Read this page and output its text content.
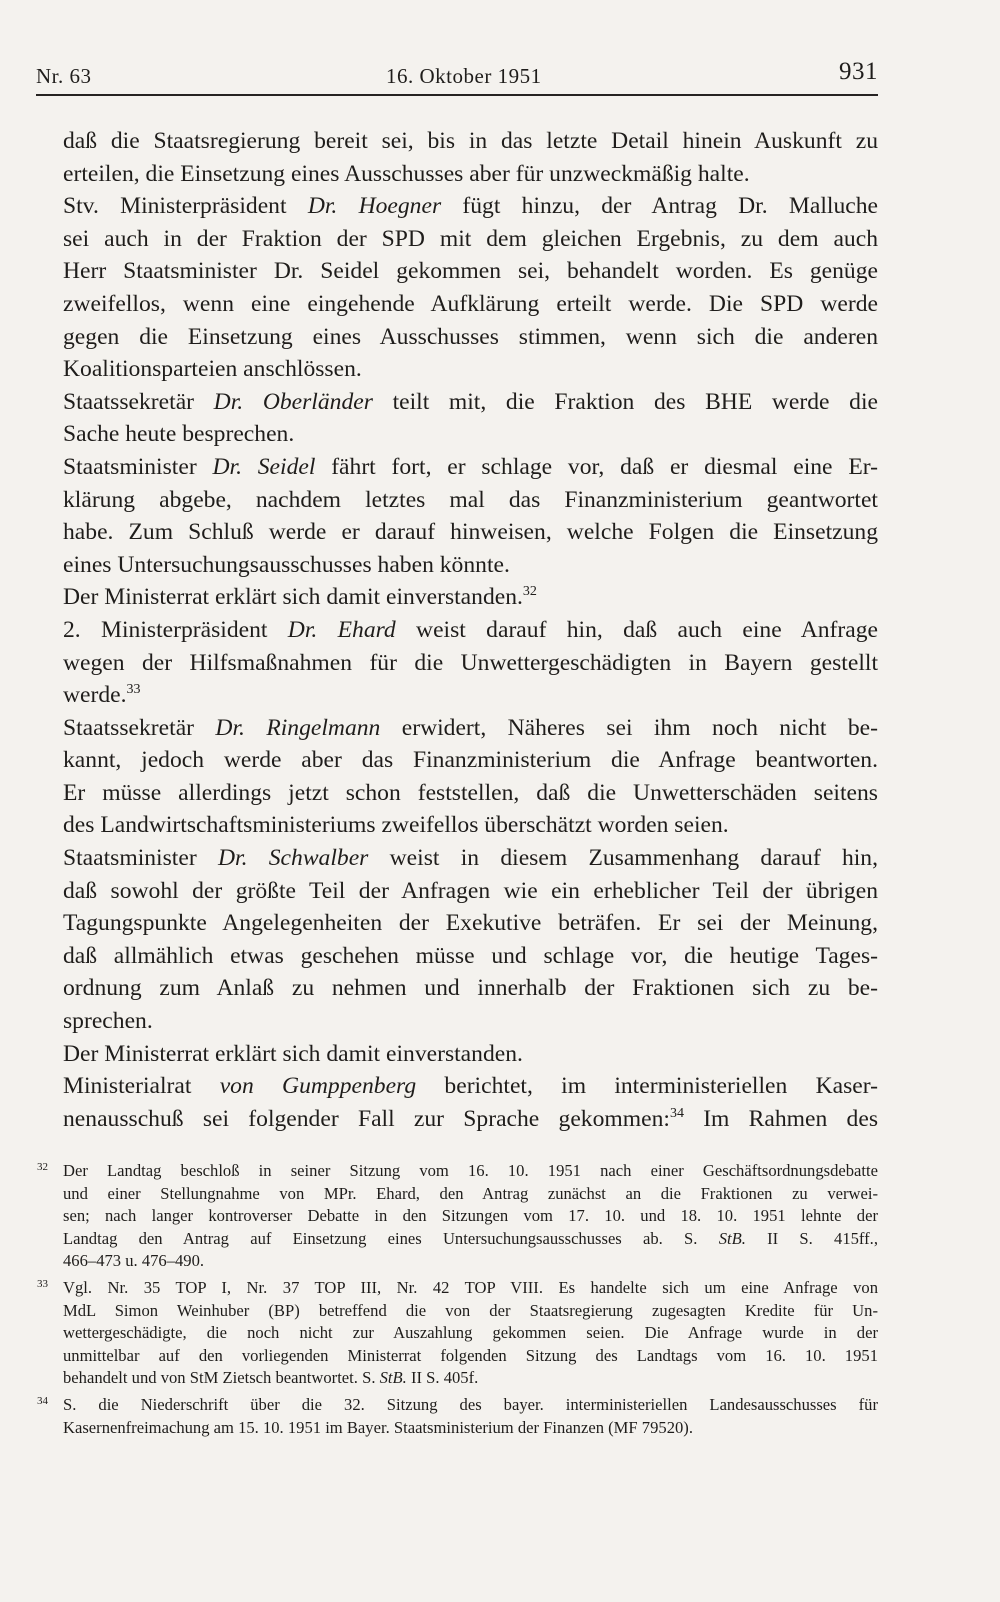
Nr. 63	16. Oktober 1951	931
daß die Staatsregierung bereit sei, bis in das letzte Detail hinein Auskunft zu
erteilen, die Einsetzung eines Ausschusses aber für unzweckmäßig halte.
Stv. Ministerpräsident Dr. Hoegner fügt hinzu, der Antrag Dr. Malluche
sei auch in der Fraktion der SPD mit dem gleichen Ergebnis, zu dem auch
Herr Staatsminister Dr. Seidel gekommen sei, behandelt worden. Es genüge
zweifellos, wenn eine eingehende Aufklärung erteilt werde. Die SPD werde
gegen die Einsetzung eines Ausschusses stimmen, wenn sich die anderen
Koalitionsparteien anschlössen.
Staatssekretär Dr. Oberländer teilt mit, die Fraktion des BHE werde die
Sache heute besprechen.
Staatsminister Dr. Seidel fährt fort, er schlage vor, daß er diesmal eine Er-
klärung abgebe, nachdem letztes mal das Finanzministerium geantwortet
habe. Zum Schluß werde er darauf hinweisen, welche Folgen die Einsetzung
eines Untersuchungsausschusses haben könnte.
Der Ministerrat erklärt sich damit einverstanden.$^{32}$
2. Ministerpräsident Dr. Ehard weist darauf hin, daß auch eine Anfrage
wegen der Hilfsmaßnahmen für die Unwettergeschädigten in Bayern gestellt
werde.$^{33}$
Staatssekretär Dr. Ringelmann erwidert, Näheres sei ihm noch nicht be-
kannt, jedoch werde aber das Finanzministerium die Anfrage beantworten.
Er müsse allerdings jetzt schon feststellen, daß die Unwetterschäden seitens
des Landwirtschaftsministeriums zweifellos überschätzt worden seien.
Staatsminister Dr. Schwalber weist in diesem Zusammenhang darauf hin,
daß sowohl der größte Teil der Anfragen wie ein erheblicher Teil der übrigen
Tagungspunkte Angelegenheiten der Exekutive beträfen. Er sei der Meinung,
daß allmählich etwas geschehen müsse und schlage vor, die heutige Tages-
ordnung zum Anlaß zu nehmen und innerhalb der Fraktionen sich zu be-
sprechen.
Der Ministerrat erklärt sich damit einverstanden.
Ministerialrat von Gumppenberg berichtet, im interministeriellen Kaser-
nenausschuß sei folgender Fall zur Sprache gekommen:$^{34}$ Im Rahmen des
32 Der Landtag beschloß in seiner Sitzung vom 16. 10. 1951 nach einer Geschäftsordnungsdebatte
und einer Stellungnahme von MPr. Ehard, den Antrag zunächst an die Fraktionen zu verwei-
sen; nach langer kontroverser Debatte in den Sitzungen vom 17. 10. und 18. 10. 1951 lehnte der
Landtag den Antrag auf Einsetzung eines Untersuchungsausschusses ab. S. StB. II S. 415ff.,
466–473 u. 476–490.
33 Vgl. Nr. 35 TOP I, Nr. 37 TOP III, Nr. 42 TOP VIII. Es handelte sich um eine Anfrage von
MdL Simon Weinhuber (BP) betreffend die von der Staatsregierung zugesagten Kredite für Un-
wettergeschädigte, die noch nicht zur Auszahlung gekommen seien. Die Anfrage wurde in der
unmittelbar auf den vorliegenden Ministerrat folgenden Sitzung des Landtags vom 16. 10. 1951
behandelt und von StM Zietsch beantwortet. S. StB. II S. 405f.
34 S. die Niederschrift über die 32. Sitzung des bayer. interministeriellen Landesausschusses für
Kasernenfreimachung am 15. 10. 1951 im Bayer. Staatsministerium der Finanzen (MF 79520).
